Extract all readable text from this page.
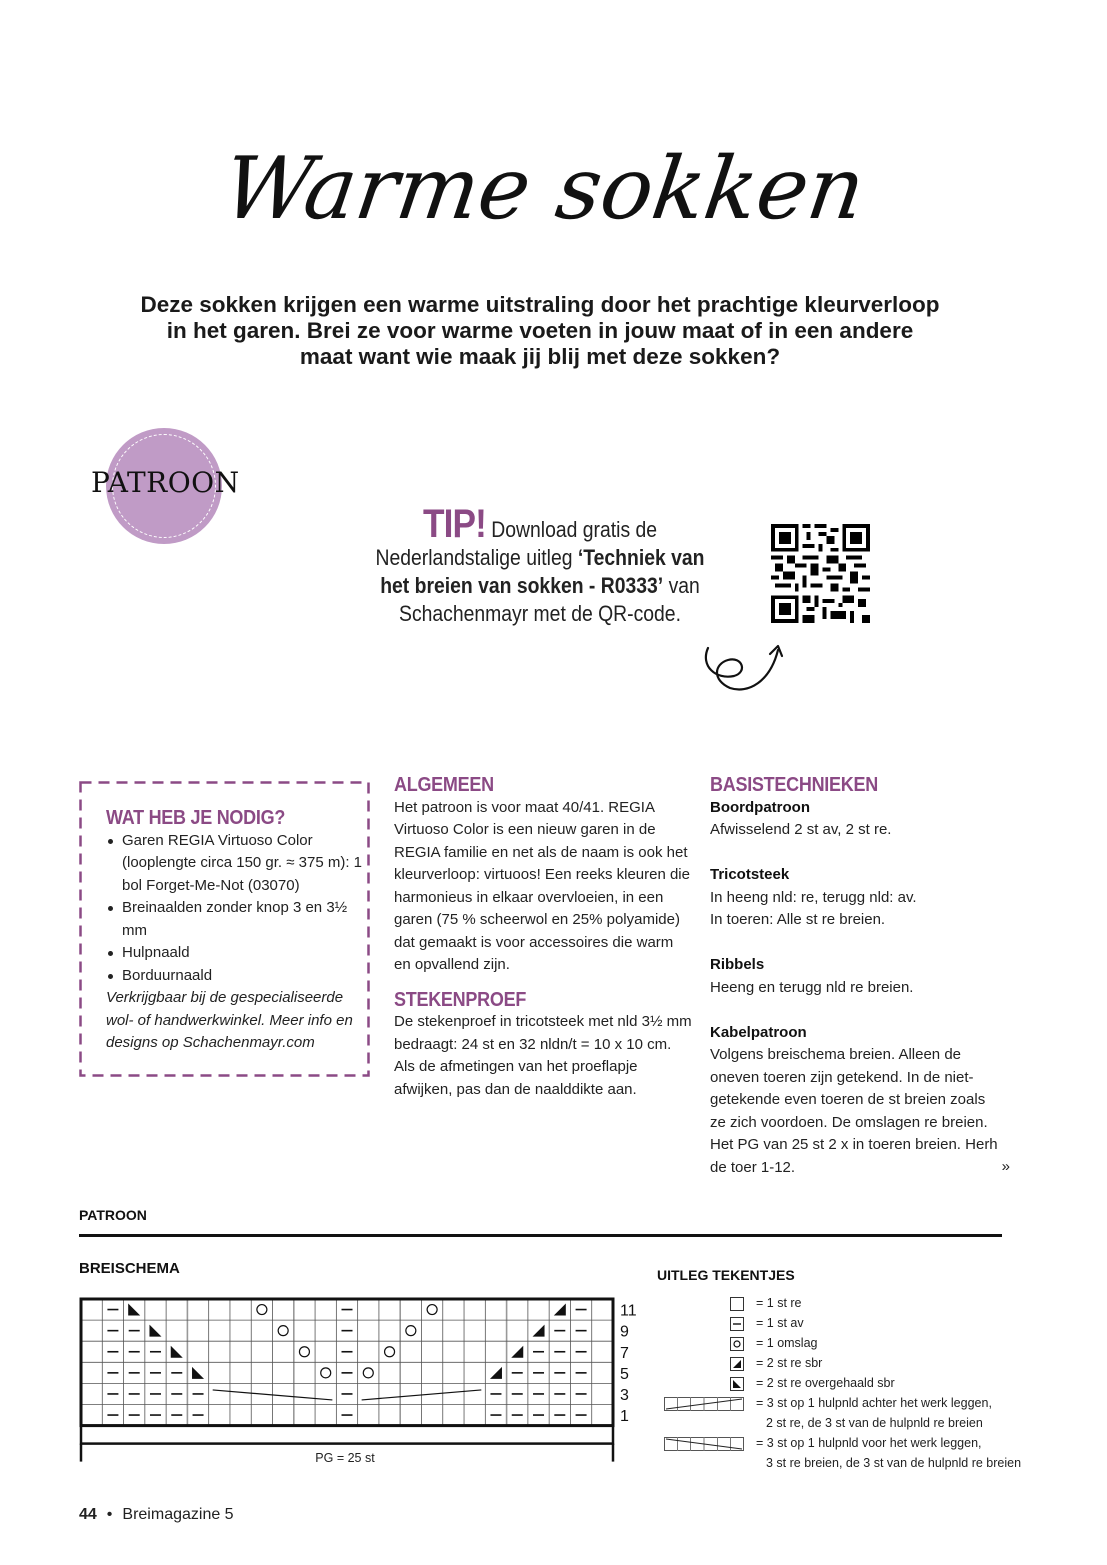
Warme sokken
Deze sokken krijgen een warme uitstraling door het prachtige kleurverloop in het garen. Brei ze voor warme voeten in jouw maat of in een andere maat want wie maak jij blij met deze sokken?
PATROON
TIP! Download gratis de Nederlandstalige uitleg ‘Techniek van het breien van sokken - R0333’ van Schachenmayr met de QR-code.
WAT HEB JE NODIG?
Garen REGIA Virtuoso Color (looplengte circa 150 gr. ≈ 375 m): 1 bol Forget-Me-Not (03070)
Breinaalden zonder knop 3 en 3½ mm
Hulpnaald
Borduurnaald
Verkrijgbaar bij de gespecialiseerde wol- of handwerkwinkel. Meer info en designs op Schachenmayr.com
ALGEMEEN

Het patroon is voor maat 40/41. REGIA Virtuoso Color is een nieuw garen in de REGIA familie en net als de naam is ook het kleurverloop: virtuoos! Een reeks kleuren die harmonieus in elkaar overvloeien, in een garen (75 % scheerwol en 25% polyamide) dat gemaakt is voor accessoires die warm en opvallend zijn.

STEKENPROEF

De stekenproef in tricotsteek met nld 3½ mm bedraagt: 24 st en 32 nldn/t = 10 x 10 cm. Als de afmetingen van het proeflapje afwijken, pas dan de naalddikte aan.

BASISTECHNIEKEN
Boordpatroon

Afwisselend 2 st av, 2 st re.

Tricotsteek

In heeng nld: re, terugg nld: av.

In toeren: Alle st re breien.

Ribbels

Heeng en terugg nld re breien.

Kabelpatroon

Volgens breischema breien. Alleen de oneven toeren zijn getekend. In de niet-getekende even toeren de st breien zoals ze zich voordoen. De omslagen re breien. Het PG van 25 st 2 x in toeren breien. Herh de toer 1-12.	»
PATROON
BREISCHEMA
11
9
7
5
3
1
PG = 25 st
UITLEG TEKENTJES
= 1 st re
= 1 st av
= 1 omslag
= 2 st re sbr
= 2 st re overgehaald sbr
= 3 st op 1 hulpnld achter het werk leggen,
2 st re, de 3 st van de hulpnld re breien
= 3 st op 1 hulpnld voor het werk leggen,
3 st re breien, de 3 st van de hulpnld re breien
44 • Breimagazine 5
